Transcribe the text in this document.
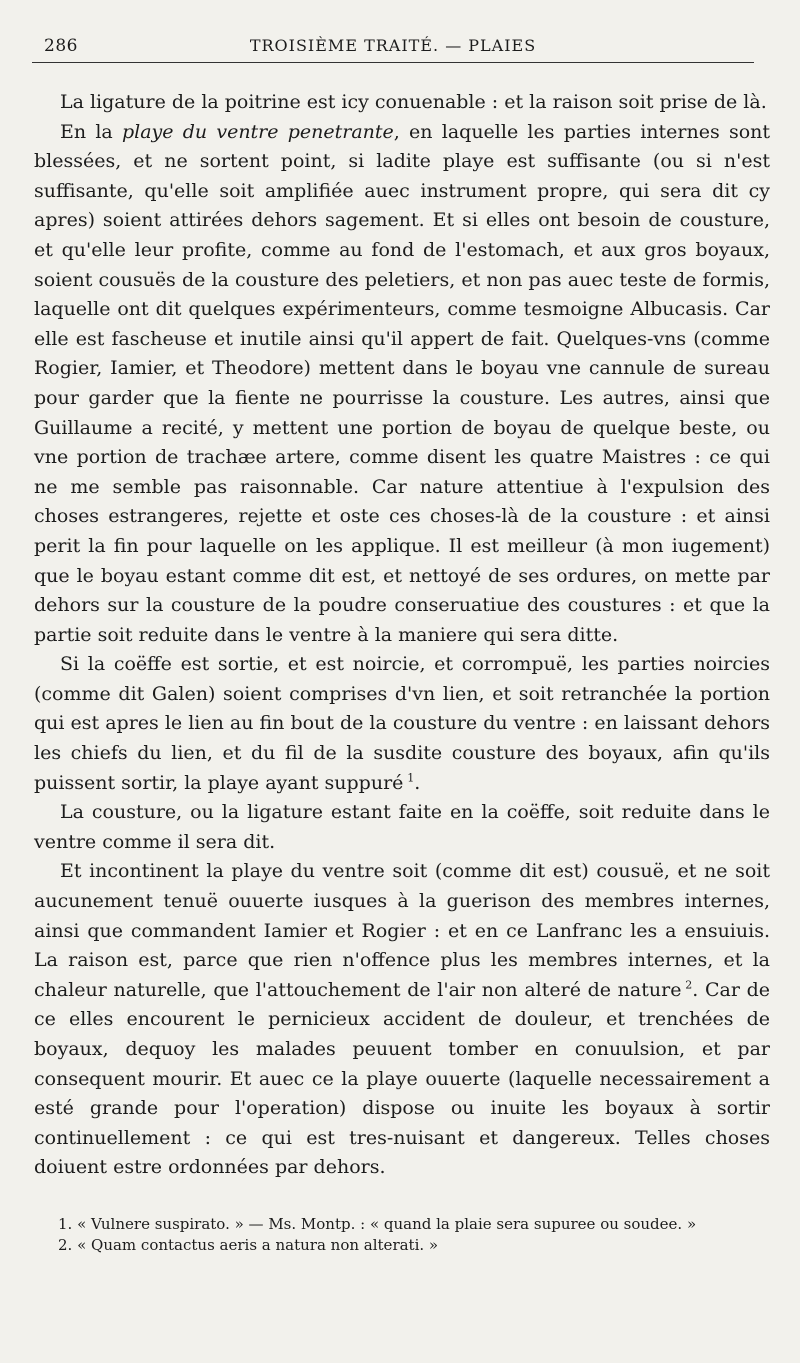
286	TROISIÈME TRAITÉ. — PLAIES

La ligature de la poitrine est icy conuenable : et la raison soit prise de là.

En la playe du ventre penetrante, en laquelle les parties internes sont blessées, et ne sortent point, si ladite playe est suffisante (ou si n'est suffisante, qu'elle soit amplifiée auec instrument propre, qui sera dit cy apres) soient attirées dehors sagement. Et si elles ont besoin de cousture, et qu'elle leur profite, comme au fond de l'estomach, et aux gros boyaux, soient cousuës de la cousture des peletiers, et non pas auec teste de formis, laquelle ont dit quelques expérimenteurs, comme tesmoigne Albucasis. Car elle est fascheuse et inutile ainsi qu'il appert de fait. Quelques-vns (comme Rogier, Iamier, et Theodore) mettent dans le boyau vne cannule de sureau pour garder que la fiente ne pourrisse la cousture. Les autres, ainsi que Guillaume a recité, y mettent une portion de boyau de quelque beste, ou vne portion de trachæe artere, comme disent les quatre Maistres : ce qui ne me semble pas raisonnable. Car nature attentiue à l'expulsion des choses estrangeres, rejette et oste ces choses-là de la cousture : et ainsi perit la fin pour laquelle on les applique. Il est meilleur (à mon iugement) que le boyau estant comme dit est, et nettoyé de ses ordures, on mette par dehors sur la cousture de la poudre conseruatiue des coustures : et que la partie soit reduite dans le ventre à la maniere qui sera ditte.

Si la coëffe est sortie, et est noircie, et corrompuë, les parties noircies (comme dit Galen) soient comprises d'vn lien, et soit retranchée la portion qui est apres le lien au fin bout de la cousture du ventre : en laissant dehors les chiefs du lien, et du fil de la susdite cousture des boyaux, afin qu'ils puissent sortir, la playe ayant suppuré  $^1$.

La cousture, ou la ligature estant faite en la coëffe, soit reduite dans le ventre comme il sera dit.

Et incontinent la playe du ventre soit (comme dit est) cousuë, et ne soit aucunement tenuë ouuerte iusques à la guerison des membres internes, ainsi que commandent Iamier et Rogier : et en ce Lanfranc les a ensuiuis. La raison est, parce que rien n'offence plus les membres internes, et la chaleur naturelle, que l'attouchement de l'air non alteré de nature  $^2$. Car de ce elles encourent le pernicieux accident de douleur, et trenchées de boyaux, dequoy les malades peuuent tomber en conuulsion, et par consequent mourir. Et auec ce la playe ouuerte (laquelle necessairement a esté grande pour l'operation) dispose ou inuite les boyaux à sortir continuellement : ce qui est tres-nuisant et dangereux. Telles choses doiuent estre ordonnées par dehors.

1. « Vulnere suspirato. » — Ms. Montp. : « quand la plaie sera supuree ou soudee. »

2. « Quam contactus aeris a natura non alterati. »
